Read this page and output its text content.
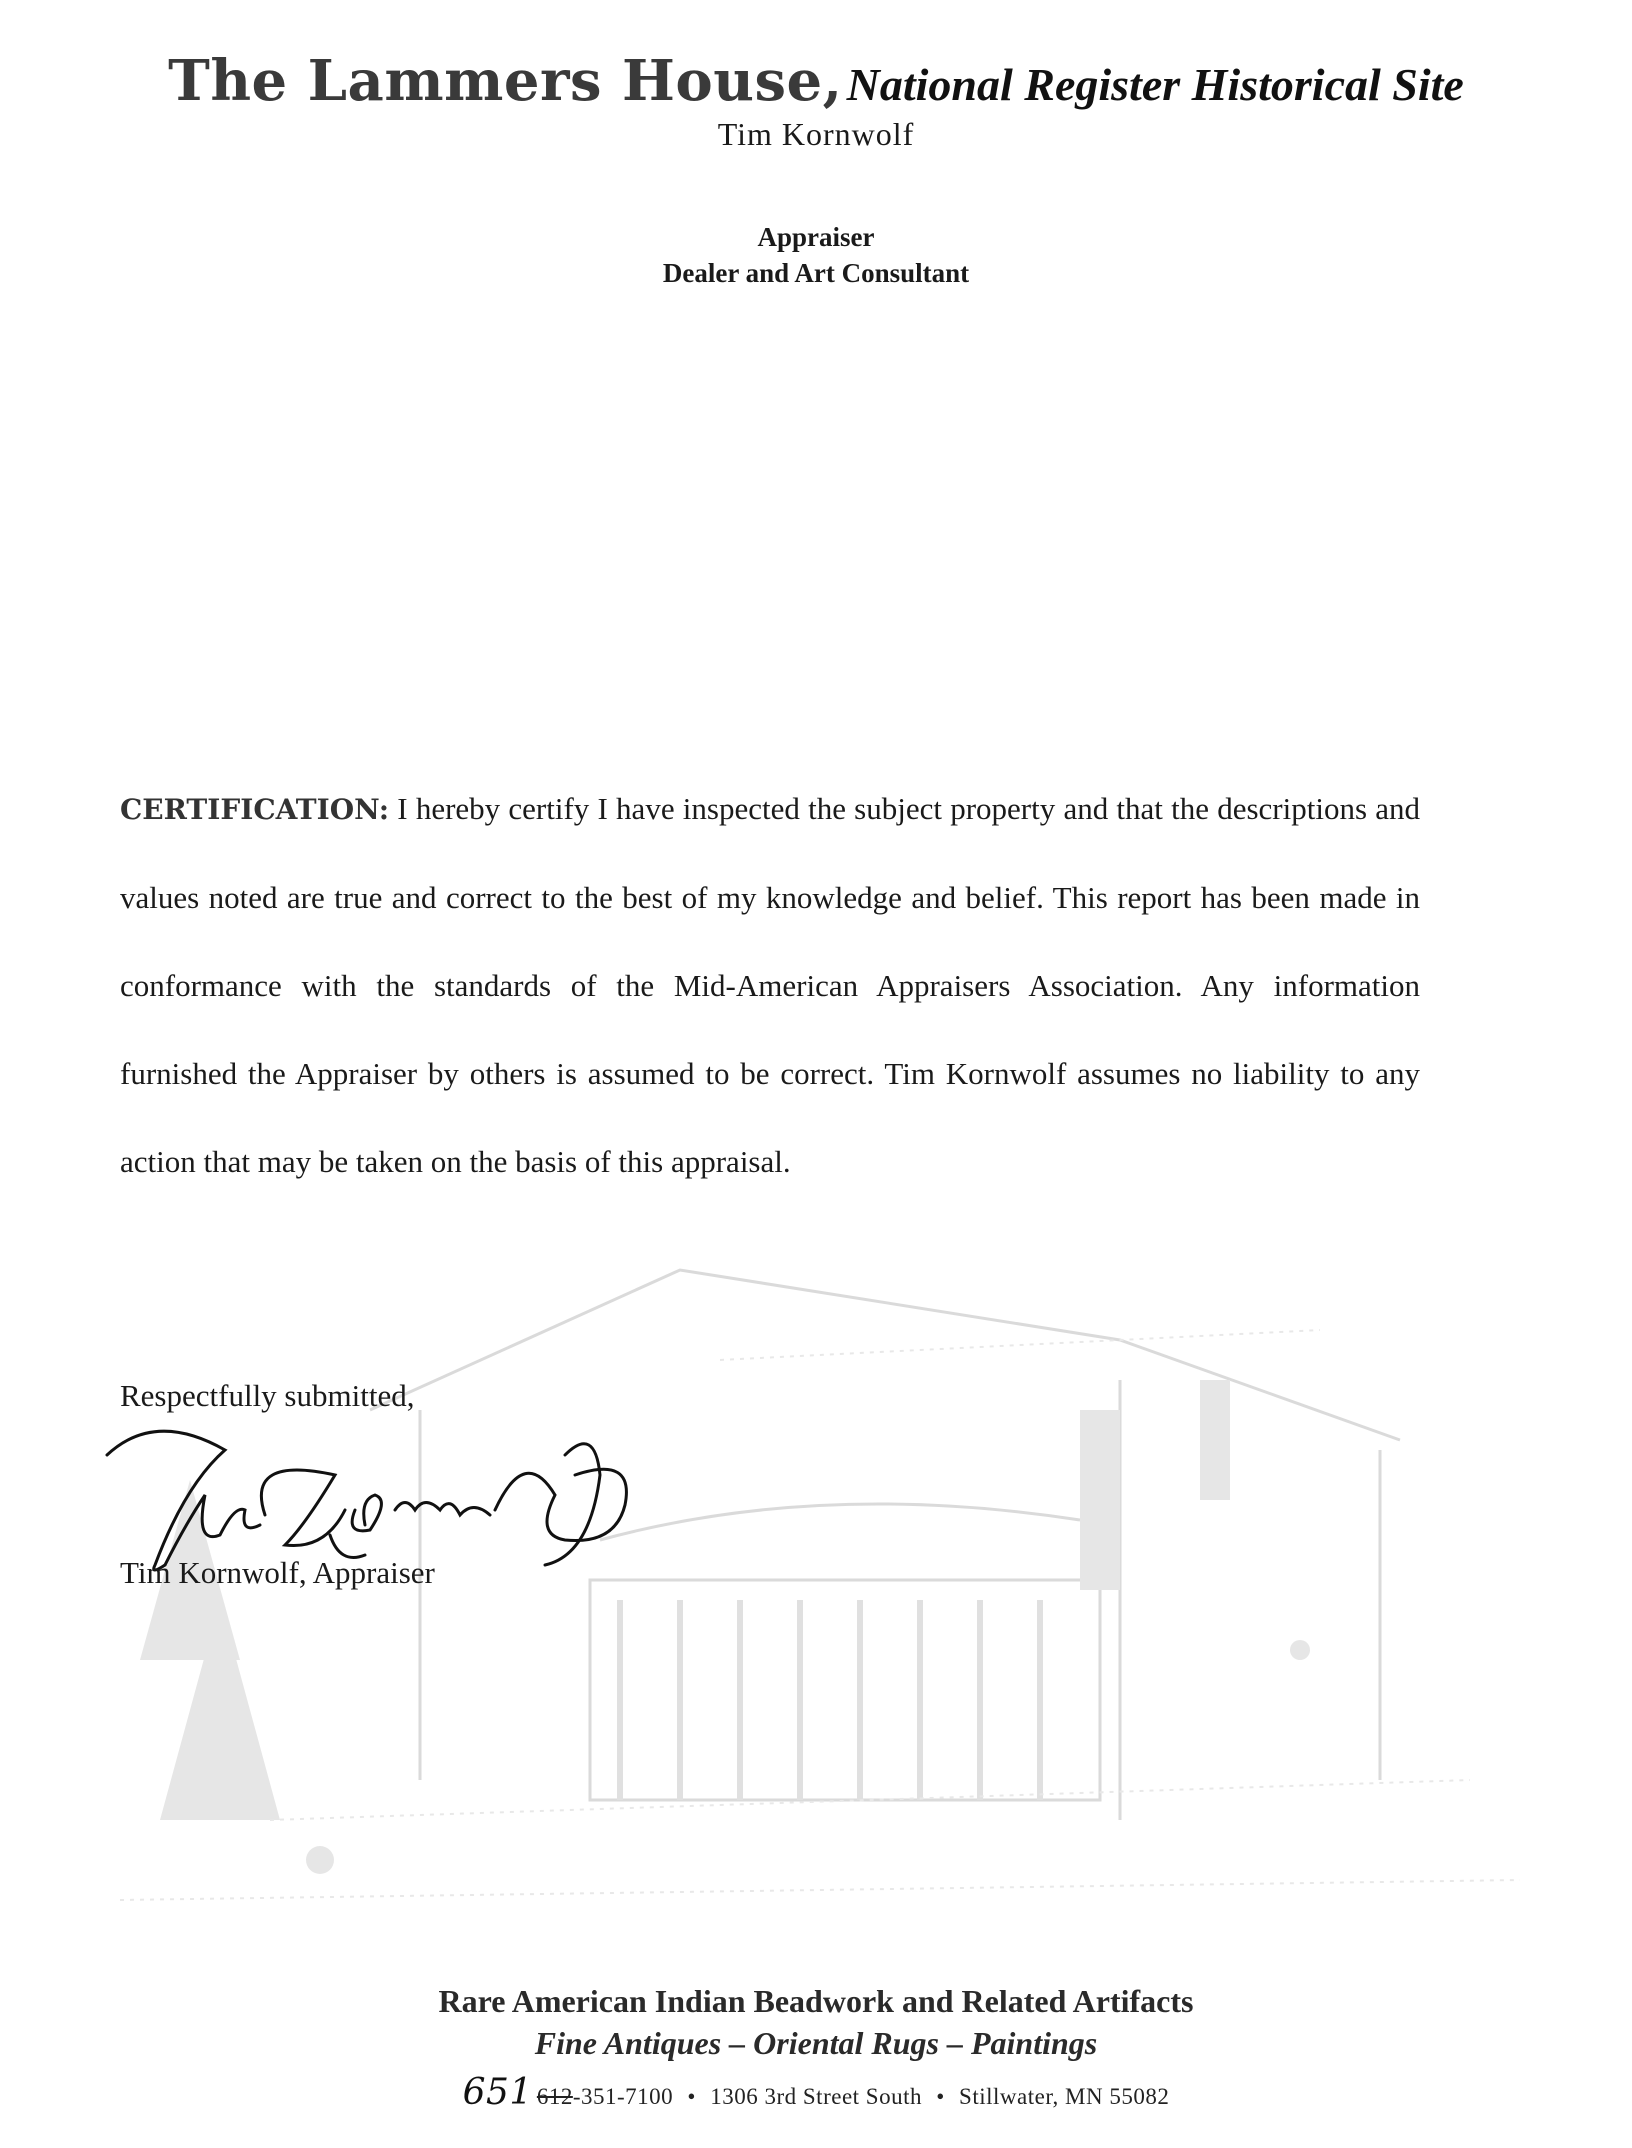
The Lammers House, National Register Historical Site
Tim Kornwolf
Appraiser
Dealer and Art Consultant
CERTIFICATION: I hereby certify I have inspected the subject property and that the descriptions and values noted are true and correct to the best of my knowledge and belief. This report has been made in conformance with the standards of the Mid-American Appraisers Association. Any information furnished the Appraiser by others is assumed to be correct. Tim Kornwolf assumes no liability to any action that may be taken on the basis of this appraisal.
Respectfully submitted,
Tim Kornwolf, Appraiser
Rare American Indian Beadwork and Related Artifacts
Fine Antiques – Oriental Rugs – Paintings
651 612-351-7100 • 1306 3rd Street South • Stillwater, MN 55082
